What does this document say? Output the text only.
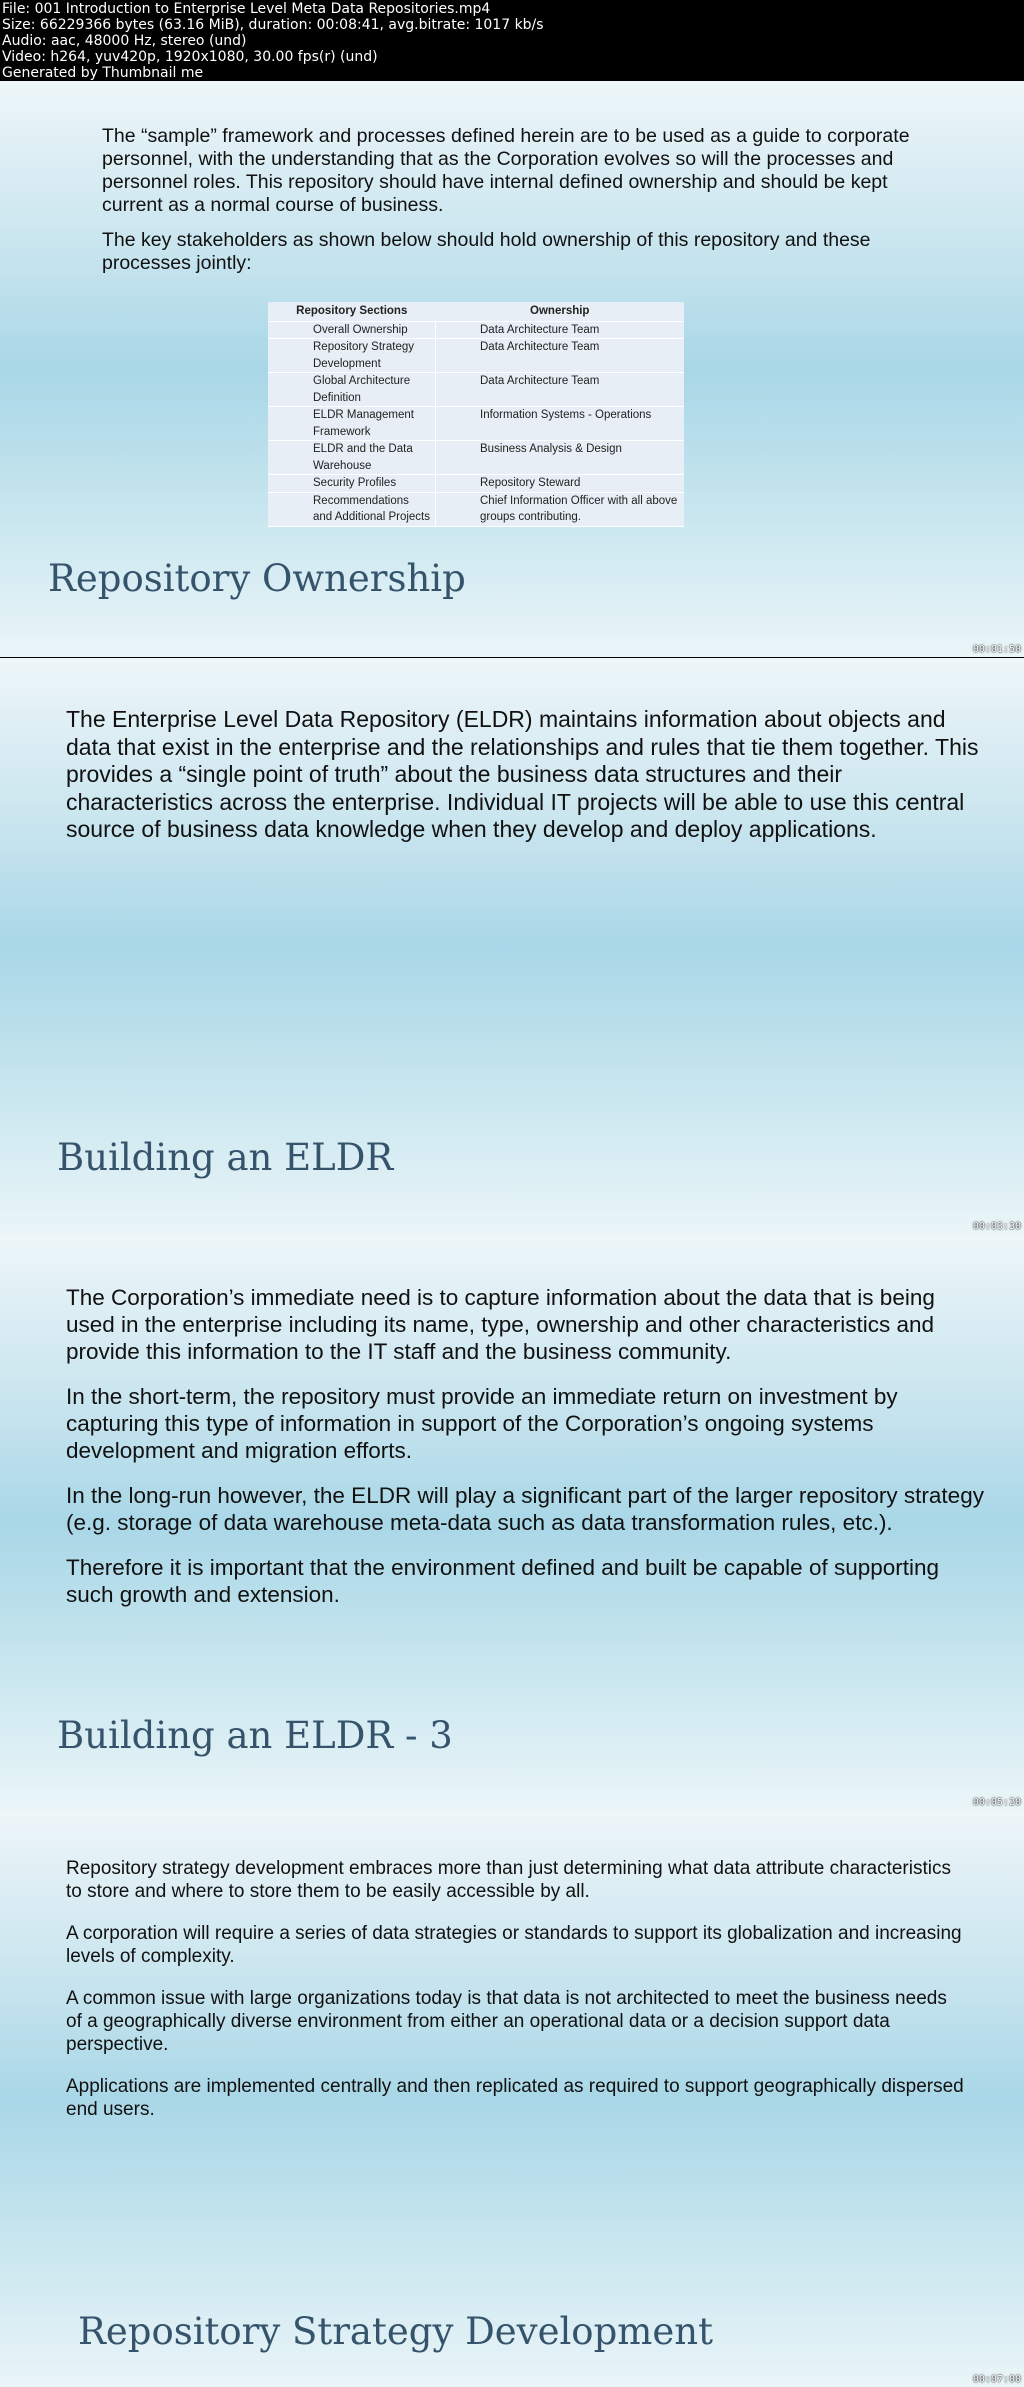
File: 001 Introduction to Enterprise Level Meta Data Repositories.mp4
Size: 66229366 bytes (63.16 MiB), duration: 00:08:41, avg.bitrate: 1017 kb/s
Audio: aac, 48000 Hz, stereo (und)
Video: h264, yuv420p, 1920x1080, 30.00 fps(r) (und)
Generated by Thumbnail me

The “sample” framework and processes defined herein are to be used as a guide to corporate personnel, with the understanding that as the Corporation evolves so will the processes and personnel roles. This repository should have internal defined ownership and should be kept current as a normal course of business.

The key stakeholders as shown below should hold ownership of this repository and these processes jointly:

Repository Sections	Ownership
Overall Ownership	Data Architecture Team
Repository Strategy Development	Data Architecture Team
Global Architecture Definition	Data Architecture Team
ELDR Management Framework	Information Systems - Operations
ELDR and the Data Warehouse	Business Analysis & Design
Security Profiles	Repository Steward
Recommendations and Additional Projects	Chief Information Officer with all above groups contributing.
Repository Ownership
00:01:50

The Enterprise Level Data Repository (ELDR) maintains information about objects and data that exist in the enterprise and the relationships and rules that tie them together. This provides a “single point of truth” about the business data structures and their characteristics across the enterprise. Individual IT projects will be able to use this central source of business data knowledge when they develop and deploy applications.

Building an ELDR
00:03:30

The Corporation’s immediate need is to capture information about the data that is being used in the enterprise including its name, type, ownership and other characteristics and provide this information to the IT staff and the business community.

In the short-term, the repository must provide an immediate return on investment by capturing this type of information in support of the Corporation’s ongoing systems development and migration efforts.

In the long-run however, the ELDR will play a significant part of the larger repository strategy (e.g. storage of data warehouse meta-data such as data transformation rules, etc.).

Therefore it is important that the environment defined and built be capable of supporting such growth and extension.

Building an ELDR - 3
00:05:20

Repository strategy development embraces more than just determining what data attribute characteristics to store and where to store them to be easily accessible by all.

A corporation will require a series of data strategies or standards to support its globalization and increasing levels of complexity.

A common issue with large organizations today is that data is not architected to meet the business needs of a geographically diverse environment from either an operational data or a decision support data perspective.

Applications are implemented centrally and then replicated as required to support geographically dispersed end users.

Repository Strategy Development
00:07:00
